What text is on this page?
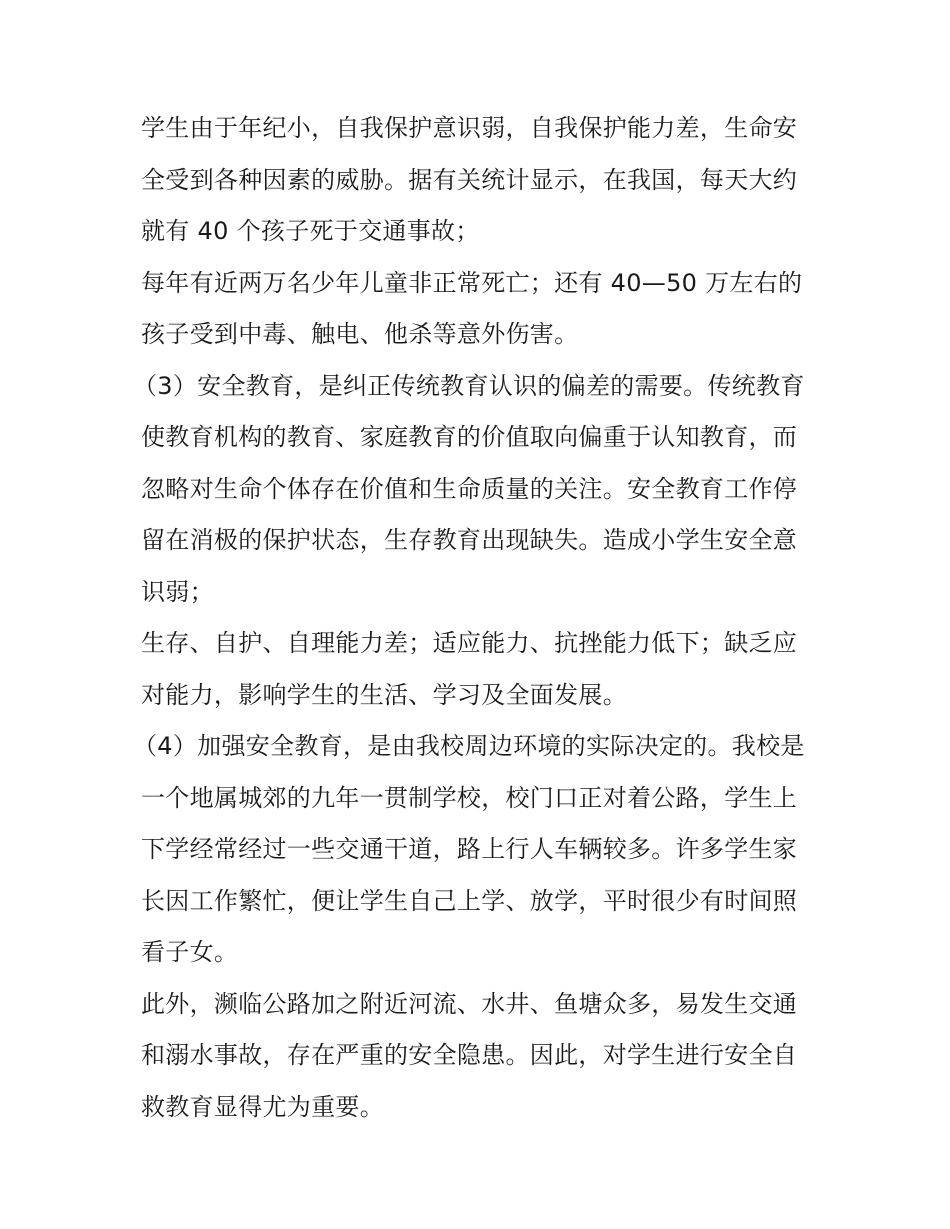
学生由于年纪小，自我保护意识弱，自我保护能力差，生命安全受到各种因素的威胁。据有关统计显示，在我国，每天大约就有 40 个孩子死于交通事故；

每年有近两万名少年儿童非正常死亡；还有 40—50 万左右的孩子受到中毒、触电、他杀等意外伤害。

（3）安全教育，是纠正传统教育认识的偏差的需要。传统教育使教育机构的教育、家庭教育的价值取向偏重于认知教育，而忽略对生命个体存在价值和生命质量的关注。安全教育工作停留在消极的保护状态，生存教育出现缺失。造成小学生安全意识弱；

生存、自护、自理能力差；适应能力、抗挫能力低下；缺乏应对能力，影响学生的生活、学习及全面发展。

（4）加强安全教育，是由我校周边环境的实际决定的。我校是一个地属城郊的九年一贯制学校，校门口正对着公路，学生上下学经常经过一些交通干道，路上行人车辆较多。许多学生家长因工作繁忙，便让学生自己上学、放学，平时很少有时间照看子女。

此外，濒临公路加之附近河流、水井、鱼塘众多，易发生交通和溺水事故，存在严重的安全隐患。因此，对学生进行安全自救教育显得尤为重要。
